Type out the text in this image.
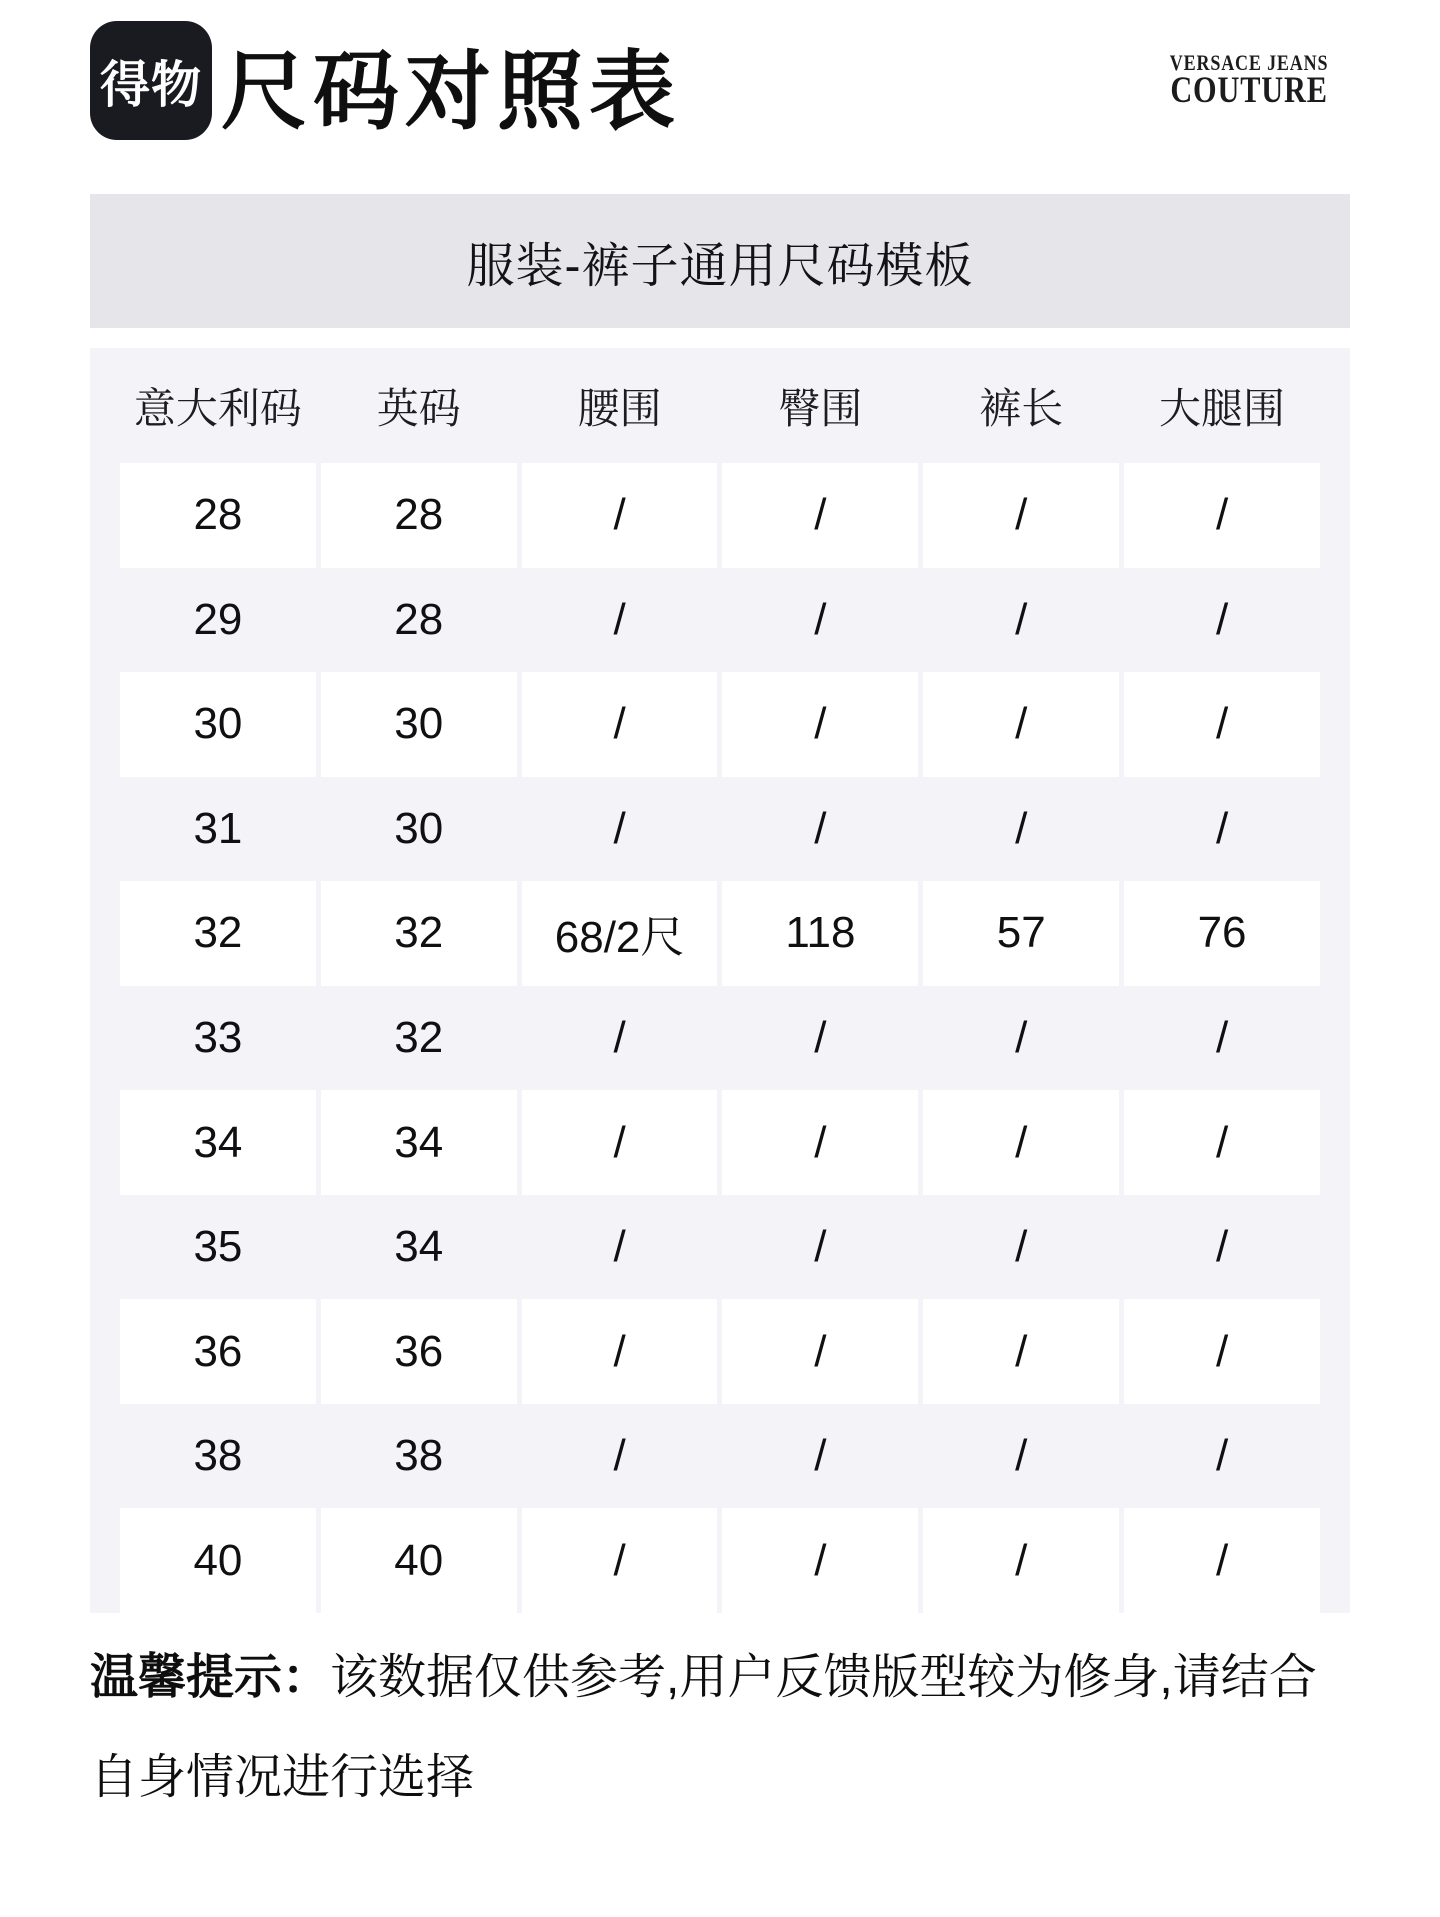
得物 尺码对照表	VERSACE JEANS
COUTURE
服装-裤子通用尺码模板
意大利码	英码	腰围	臀围	裤长	大腿围
28	28	/	/	/	/
29	28	/	/	/	/
30	30	/	/	/	/
31	30	/	/	/	/
32	32	68/2尺	118	57	76
33	32	/	/	/	/
34	34	/	/	/	/
35	34	/	/	/	/
36	36	/	/	/	/
38	38	/	/	/	/
40	40	/	/	/	/
温馨提示：该数据仅供参考,用户反馈版型较为修身,请结合
自身情况进行选择
